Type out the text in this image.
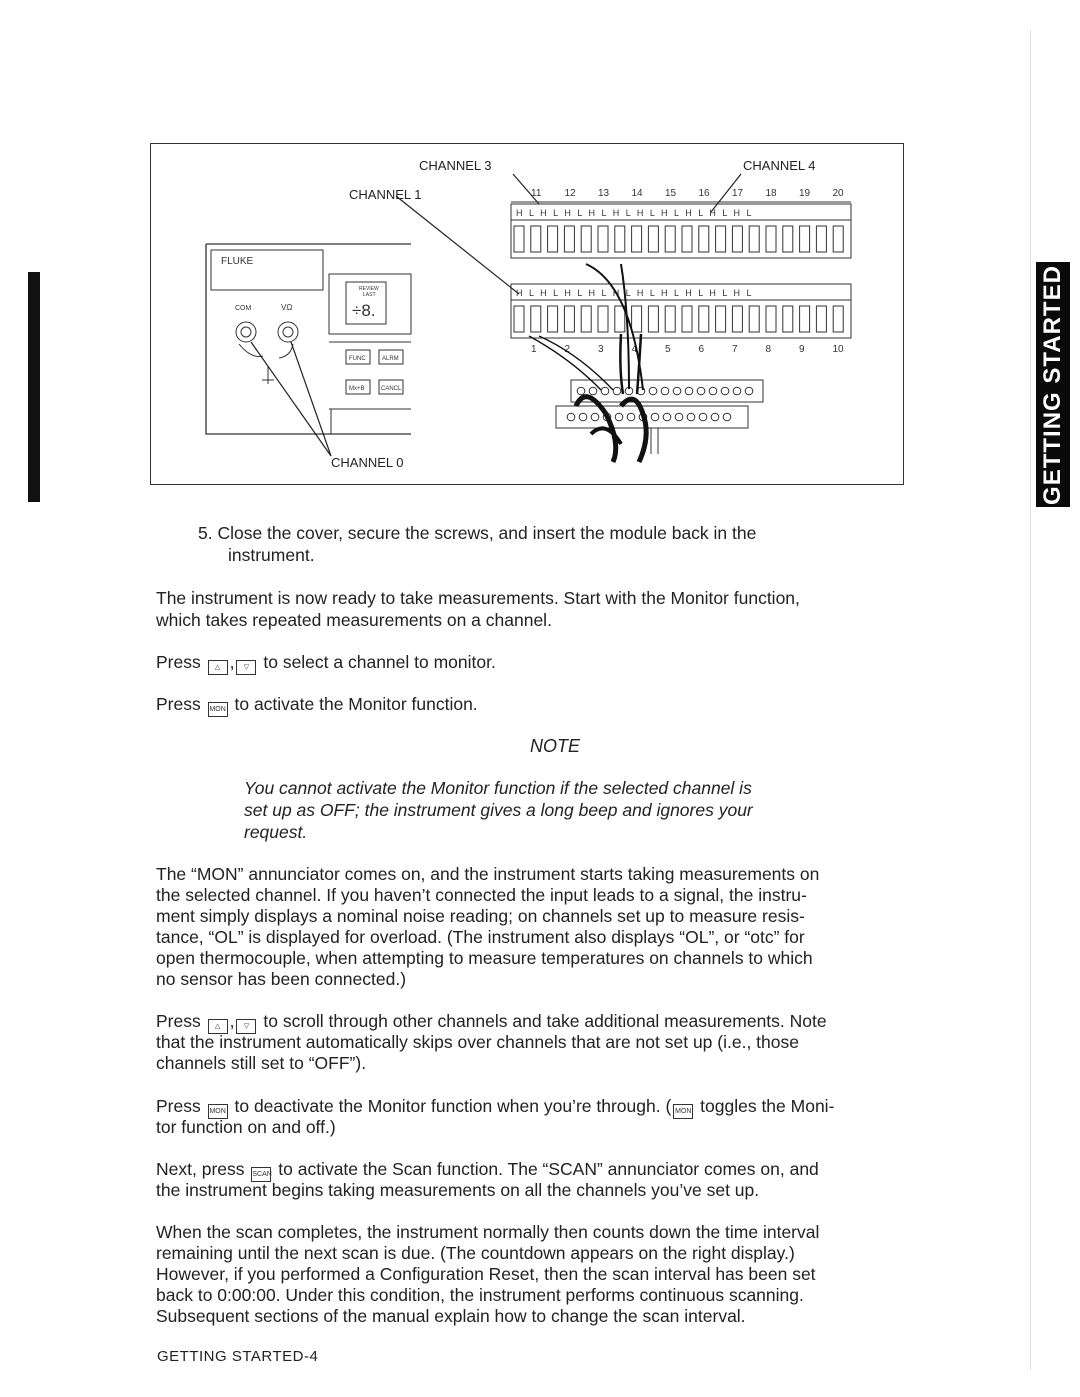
GETTING STARTED
CHANNEL 3	CHANNEL 4
CHANNEL 1
CHANNEL 0
FLUKE
COM	VΩ
REVIEW
LAST
÷8.
FUNC	ALRM
Mx+B	CANCL
H L H L H L H L H L H L H L H L H L H L
11 12 13 14 15 16 17 18 19 20
H L H L H L H L H L H L H L H L H L H L
1	2	3	4	5	6	7	8	9	10
5. Close the cover, secure the screws, and insert the module back in the
instrument.
The instrument is now ready to take measurements. Start with the Monitor function,
which takes repeated measurements on a channel.
Press △ , ▽ to select a channel to monitor.
Press MON to activate the Monitor function.
NOTE
You cannot activate the Monitor function if the selected channel is
set up as OFF; the instrument gives a long beep and ignores your
request.
The “MON” annunciator comes on, and the instrument starts taking measurements on
the selected channel. If you haven’t connected the input leads to a signal, the instru-
ment simply displays a nominal noise reading; on channels set up to measure resis-
tance, “OL” is displayed for overload. (The instrument also displays “OL”, or “otc” for
open thermocouple, when attempting to measure temperatures on channels to which
no sensor has been connected.)
Press △ , ▽ to scroll through other channels and take additional measurements. Note
that the instrument automatically skips over channels that are not set up (i.e., those
channels still set to “OFF”).
Press MON to deactivate the Monitor function when you’re through. ( MON toggles the Moni-
tor function on and off.)
Next, press SCAN to activate the Scan function. The “SCAN” annunciator comes on, and
the instrument begins taking measurements on all the channels you’ve set up.
When the scan completes, the instrument normally then counts down the time interval
remaining until the next scan is due. (The countdown appears on the right display.)
However, if you performed a Configuration Reset, then the scan interval has been set
back to 0:00:00. Under this condition, the instrument performs continuous scanning.
Subsequent sections of the manual explain how to change the scan interval.
GETTING STARTED-4
